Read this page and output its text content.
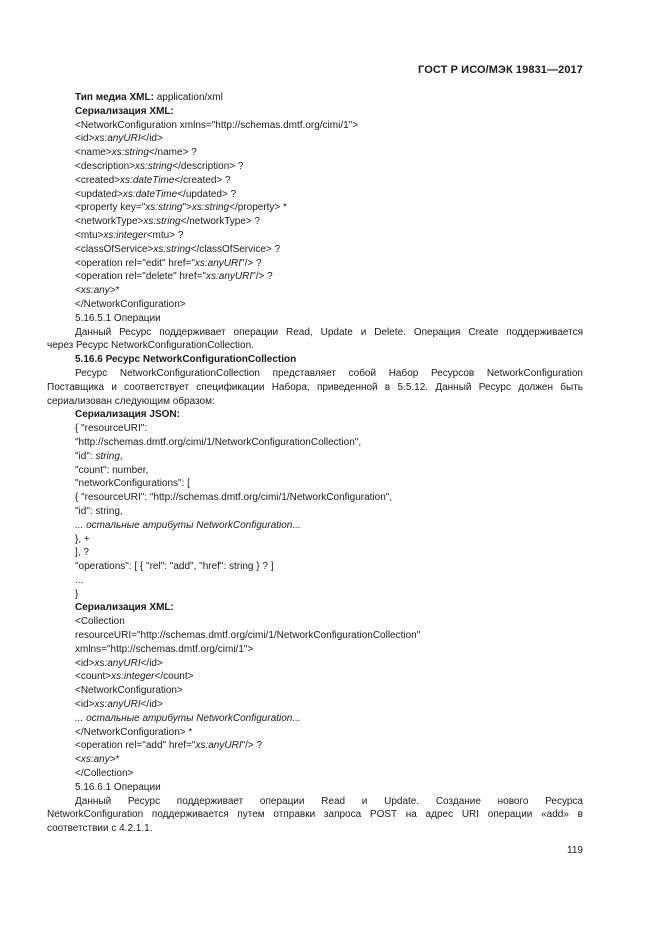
ГОСТ Р ИСО/МЭК 19831—2017
Тип медиа XML: application/xml
Сериализация XML:
<NetworkConfiguration xmlns="http://schemas.dmtf.org/cimi/1">
<id>xs:anyURI</id>
<name>xs:string</name> ?
<description>xs:string</description> ?
<created>xs:dateTime</created> ?
<updated>xs:dateTime</updated> ?
<property key="xs:string">xs:string</property> *
<networkType>xs:string</networkType> ?
<mtu>xs:integer<mtu> ?
<classOfService>xs:string</classOfService> ?
<operation rel="edit" href="xs:anyURI"/> ?
<operation rel="delete" href="xs:anyURI"/> ?
<xs:any>*
</NetworkConfiguration>
5.16.5.1 Операции
Данный Ресурс поддерживает операции Read, Update и Delete. Операция Create поддерживается
через Ресурс NetworkConfigurationCollection.
5.16.6 Ресурс NetworkConfigurationCollection
Ресурс NetworkConfigurationCollection представляет собой Набор Ресурсов NetworkConfiguration
Поставщика и соответствует спецификации Набора, приведенной в 5.5.12. Данный Ресурс должен быть
сериализован следующим образом:
Сериализация JSON:
{ "resourceURI":
"http://schemas.dmtf.org/cimi/1/NetworkConfigurationCollection",
"id": string,
"count": number,
"networkConfigurations": [
{ "resourceURI": "http://schemas.dmtf.org/cimi/1/NetworkConfiguration",
"id": string,
... остальные атрибуты NetworkConfiguration...
}, +
], ?
"operations": [ { "rel": "add", "href": string } ? ]
...
}
Сериализация XML:
<Collection
resourceURI="http://schemas.dmtf.org/cimi/1/NetworkConfigurationCollection"
xmlns="http://schemas.dmtf.org/cimi/1">
<id>xs:anyURI</id>
<count>xs:integer</count>
<NetworkConfiguration>
<id>xs:anyURI</id>
... остальные атрибуты NetworkConfiguration...
</NetworkConfiguration> *
<operation rel="add" href="xs:anyURI"/> ?
<xs:any>*
</Collection>
5.16.6.1 Операции
Данный Ресурс поддерживает операции Read и Update. Создание нового Ресурса
NetworkConfiguration поддерживается путем отправки запроса POST на адрес URI операции «add» в
соответствии с 4.2.1.1.
119
